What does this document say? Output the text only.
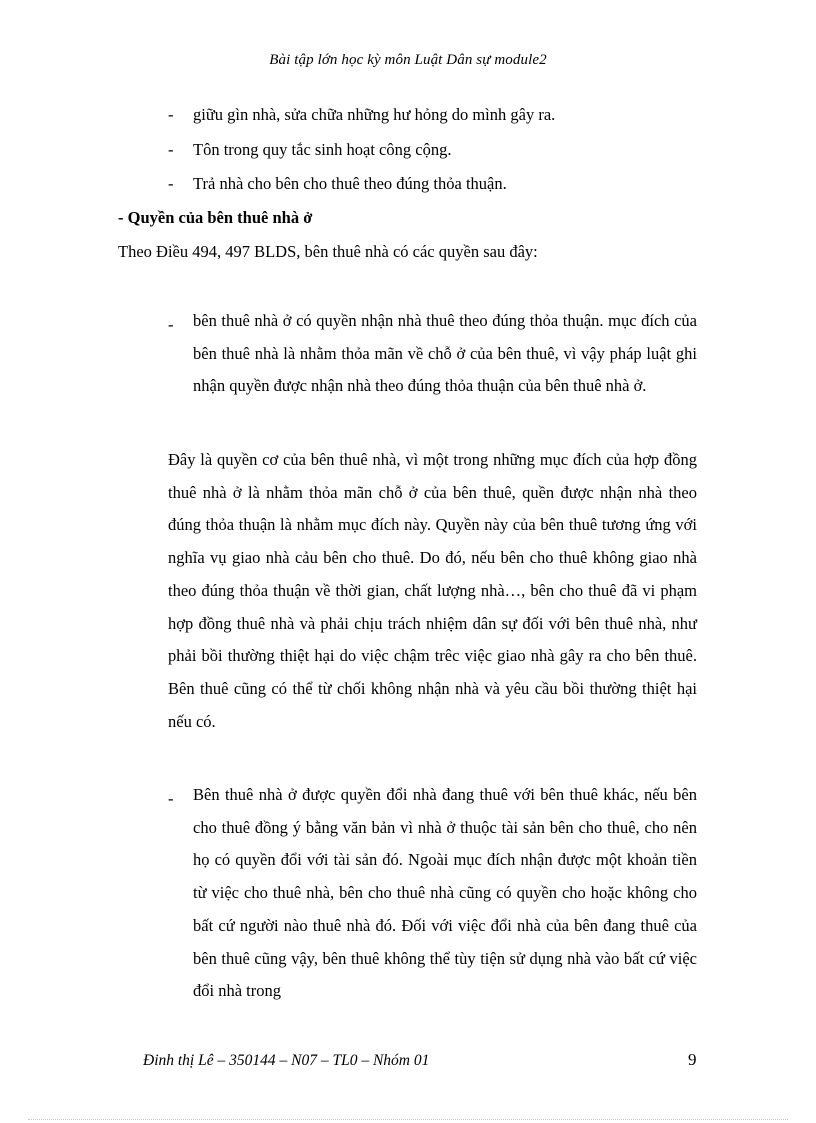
Bài tập lớn học kỳ môn Luật Dân sự module2
- giữu gìn nhà, sửa chữa những hư hỏng do mình gây ra.
- Tôn trong quy tắc sinh hoạt công cộng.
- Trả nhà cho bên cho thuê theo đúng thỏa thuận.
- Quyền của bên thuê nhà ở
Theo Điều 494, 497 BLDS, bên thuê nhà có các quyền sau đây:
- bên thuê nhà ở có quyền nhận nhà thuê theo đúng thỏa thuận. mục đích của bên thuê nhà là nhằm thỏa mãn về chỗ ở của bên thuê, vì vậy pháp luật ghi nhận quyền được nhận nhà theo đúng thỏa thuận của bên thuê nhà ở.
Đây là quyền cơ của bên thuê nhà, vì một trong những mục đích của hợp đồng thuê nhà ở là nhằm thỏa mãn chỗ ở của bên thuê, quền được nhận nhà theo đúng thỏa thuận là nhằm mục đích này. Quyền này của bên thuê tương ứng với nghĩa vụ giao nhà cảu bên cho thuê. Do đó, nếu bên cho thuê không giao nhà theo đúng thỏa thuận về thời gian, chất lượng nhà…, bên cho thuê đã vi phạm hợp đồng thuê nhà và phải chịu trách nhiệm dân sự đối với bên thuê nhà, như phải bồi thường thiệt hại do việc chậm trêc việc giao nhà gây ra cho bên thuê. Bên thuê cũng có thể từ chối không nhận nhà và yêu cầu bồi thường thiệt hại nếu có.
- Bên thuê nhà ở được quyền đổi nhà đang thuê với bên thuê khác, nếu bên cho thuê đồng ý bằng văn bản vì nhà ở thuộc tài sản bên cho thuê, cho nên họ có quyền đổi với tài sản đó. Ngoài mục đích nhận được một khoản tiền từ việc cho thuê nhà, bên cho thuê nhà cũng có quyền cho hoặc không cho bất cứ người nào thuê nhà đó. Đối với việc đổi nhà của bên đang thuê của bên thuê cũng vậy, bên thuê không thể tùy tiện sử dụng nhà vào bất cứ việc đổi nhà trong
Đinh thị Lê – 350144 – N07 – TL0 – Nhóm 01	9
